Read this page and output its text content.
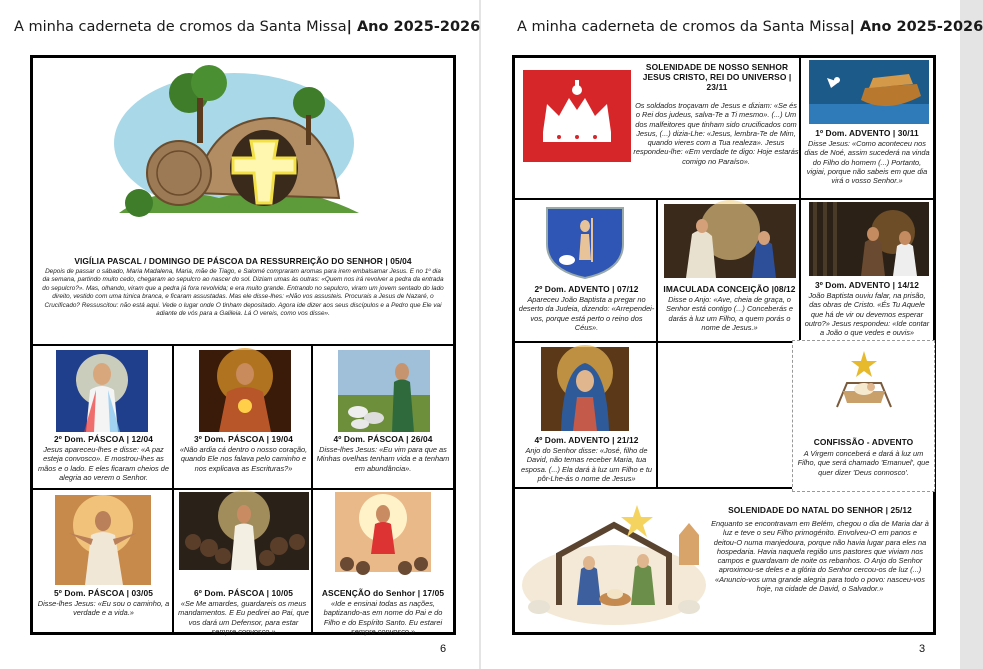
A minha caderneta de cromos da Santa Missa| Ano 2025-2026
6
VIGÍLIA PASCAL / DOMINGO DE PÁSCOA DA RESSURREIÇÃO DO SENHOR | 05/04
Depois de passar o sábado, Maria Madalena, Maria, mãe de Tiago, e Salomé compraram aromas para irem embalsamar Jesus. E no 1º dia da semana, partindo muito cedo, chegaram ao sepulcro ao nascer do sol. Diziam umas às outras: «Quem nos irá revolver a pedra da entrada do sepulcro?». Mas, olhando, viram que a pedra já fora revolvida; e era muito grande. Entrando no sepulcro, viram um jovem sentado do lado direito, vestido com uma túnica branca, e ficaram assustadas. Mas ele disse-lhes: «Não vos assusteis. Procurais a Jesus de Nazaré, o Crucificado? Ressuscitou: não está aqui. Vede o lugar onde O tinham depositado. Agora ide dizer aos seus discípulos e a Pedro que Ele vai adiante de vós para a Galileia. Lá O vereis, como vos disse».
2º Dom. PÁSCOA | 12/04
Jesus apareceu-lhes e disse: «A paz esteja convosco». E mostrou-lhes as mãos e o lado. E eles ficaram cheios de alegria ao verem o Senhor.
3º Dom. PÁSCOA | 19/04
«Não ardia cá dentro o nosso coração, quando Ele nos falava pelo caminho e nos explicava as Escrituras?»
4º Dom. PÁSCOA | 26/04
Disse-lhes Jesus: «Eu vim para que as Minhas ovelhas tenham vida e a tenham em abundância».
5º Dom. PÁSCOA | 03/05
Disse-lhes Jesus: «Eu sou o caminho, a verdade e a vida.»
6º Dom. PÁSCOA | 10/05
«Se Me amardes, guardareis os meus mandamentos. E Eu pedirei ao Pai, que vos dará um Defensor, para estar sempre convosco.»
ASCENÇÃO do Senhor | 17/05
«Ide e ensinai todas as nações, baptizando-as em nome do Pai e do Filho e do Espírito Santo. Eu estarei sempre convosco.»
A minha caderneta de cromos da Santa Missa| Ano 2025-2026
3
SOLENIDADE DE NOSSO SENHOR JESUS CRISTO, REI DO UNIVERSO | 23/11
Os soldados troçavam de Jesus e diziam: «Se és o Rei dos judeus, salva-Te a Ti mesmo». (...) Um dos malfeitores que tinham sido crucificados com Jesus, (...) dizia-Lhe: «Jesus, lembra-Te de Mim, quando vieres com a Tua realeza». Jesus respondeu-lhe: «Em verdade te digo: Hoje estarás comigo no Paraíso».
1º Dom. ADVENTO | 30/11
Disse Jesus: «Como aconteceu nos dias de Noé, assim sucederá na vinda do Filho do homem (...) Portanto, vigiai, porque não sabeis em que dia virá o vosso Senhor.»
2º Dom. ADVENTO | 07/12
Apareceu João Baptista a pregar no deserto da Judeia, dizendo: «Arrependei-vos, porque está perto o reino dos Céus».
IMACULADA CONCEIÇÃO |08/12
Disse o Anjo: «Ave, cheia de graça, o Senhor está contigo (...) Conceberás e darás à luz um Filho, a quem porás o nome de Jesus.»
3º Dom. ADVENTO | 14/12
João Baptista ouviu falar, na prisão, das obras de Cristo. «És Tu Aquele que há de vir ou devemos esperar outro?» Jesus respondeu: «Ide contar a João o que vedes e ouvis»
4º Dom. ADVENTO | 21/12
Anjo do Senhor disse: «José, filho de David, não temas receber Maria, tua esposa. (...) Ela dará à luz um Filho e tu pôr-Lhe-ás o nome de Jesus»
SOLENIDADE DO NATAL DO SENHOR | 25/12
Enquanto se encontravam em Belém, chegou o dia de Maria dar à luz e teve o seu Filho primogénito. Envolveu-O em panos e deitou-O numa manjedoura, porque não havia lugar para eles na hospedaria. Havia naquela região uns pastores que viviam nos campos e guardavam de noite os rebanhos. O Anjo do Senhor aproximou-se deles e a glória do Senhor cercou-os de luz (...) «Anuncio-vos uma grande alegria para todo o povo: nasceu-vos hoje, na cidade de David, o Salvador.»
CONFISSÃO - ADVENTO
A Virgem conceberá e dará à luz um Filho, que será chamado 'Emanuel', que quer dizer 'Deus connosco'.
